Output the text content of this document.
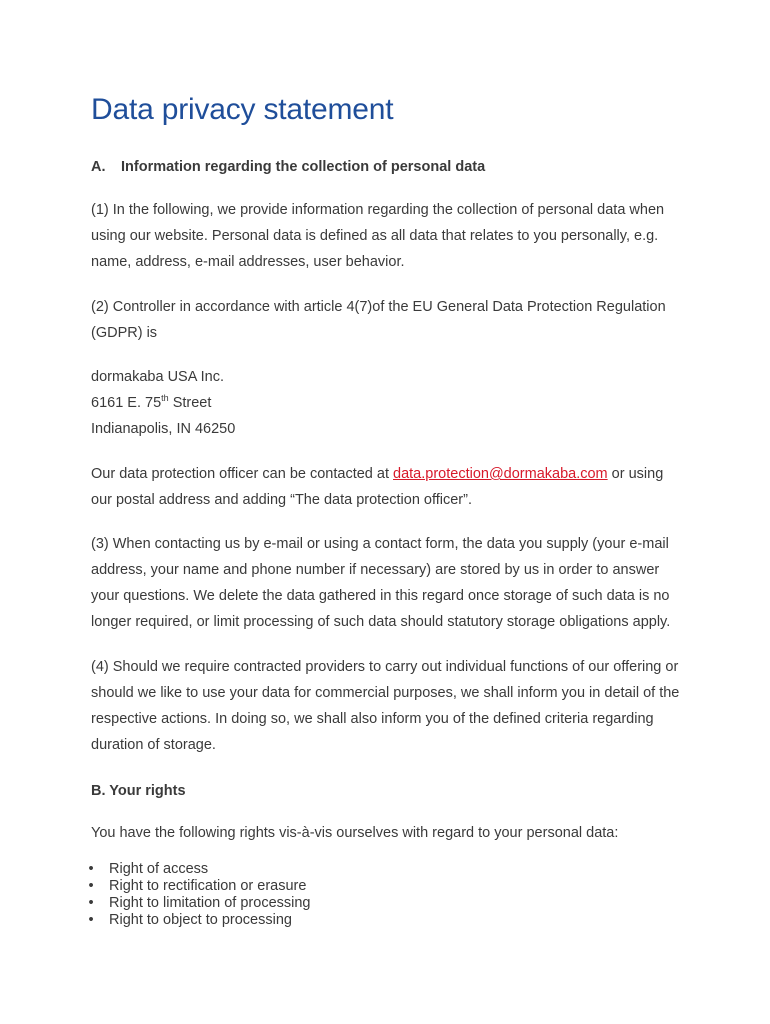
Data privacy statement
A. Information regarding the collection of personal data

(1) In the following, we provide information regarding the collection of personal data when using our website. Personal data is defined as all data that relates to you personally, e.g. name, address, e-mail addresses, user behavior.

(2) Controller in accordance with article 4(7)of the EU General Data Protection Regulation (GDPR) is

dormakaba USA Inc.
6161 E. 75th Street
Indianapolis, IN 46250

Our data protection officer can be contacted at data.protection@dormakaba.com or using
our postal address and adding “The data protection officer”.

(3) When contacting us by e-mail or using a contact form, the data you supply (your e-mail address, your name and phone number if necessary) are stored by us in order to answer your questions. We delete the data gathered in this regard once storage of such data is no longer required, or limit processing of such data should statutory storage obligations apply.

(4) Should we require contracted providers to carry out individual functions of our offering or should we like to use your data for commercial purposes, we shall inform you in detail of the respective actions. In doing so, we shall also inform you of the defined criteria regarding duration of storage.

B. Your rights

You have the following rights vis-à-vis ourselves with regard to your personal data:

• Right of access
• Right to rectification or erasure
• Right to limitation of processing
• Right to object to processing
